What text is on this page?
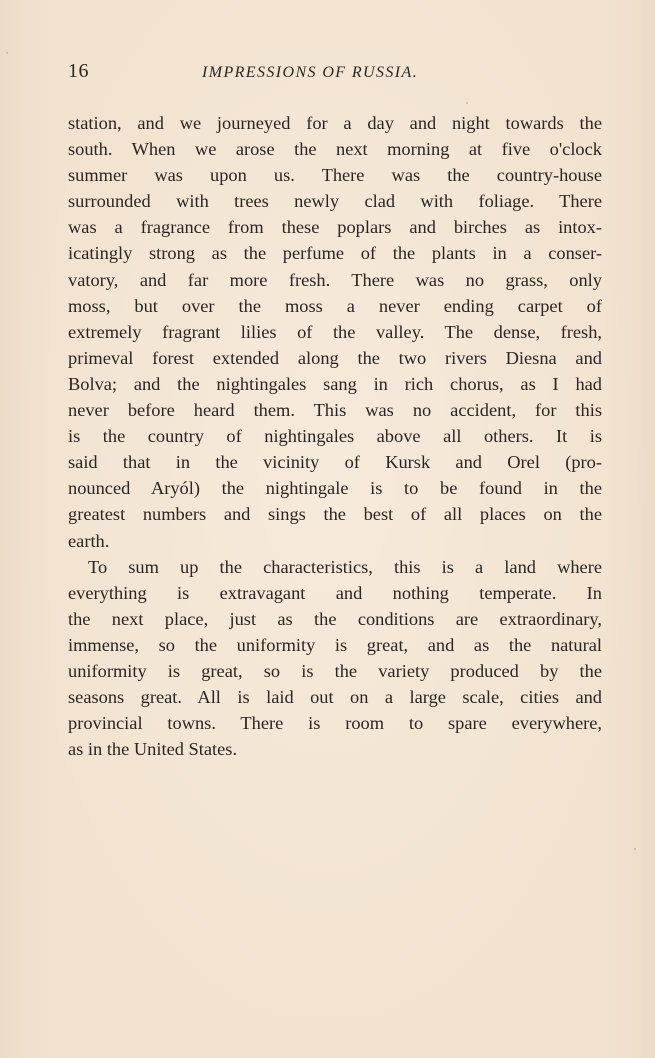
16	IMPRESSIONS OF RUSSIA.
station, and we journeyed for a day and night towards the
south. When we arose the next morning at five o'clock
summer was upon us. There was the country-house
surrounded with trees newly clad with foliage. There
was a fragrance from these poplars and birches as intox-
icatingly strong as the perfume of the plants in a conser-
vatory, and far more fresh. There was no grass, only
moss, but over the moss a never ending carpet of
extremely fragrant lilies of the valley. The dense, fresh,
primeval forest extended along the two rivers Diesna and
Bolva; and the nightingales sang in rich chorus, as I had
never before heard them. This was no accident, for this
is the country of nightingales above all others. It is
said that in the vicinity of Kursk and Orel (pro-
nounced Aryól) the nightingale is to be found in the
greatest numbers and sings the best of all places on the
earth.
To sum up the characteristics, this is a land where
everything is extravagant and nothing temperate. In
the next place, just as the conditions are extraordinary,
immense, so the uniformity is great, and as the natural
uniformity is great, so is the variety produced by the
seasons great. All is laid out on a large scale, cities and
provincial towns. There is room to spare everywhere,
as in the United States.
